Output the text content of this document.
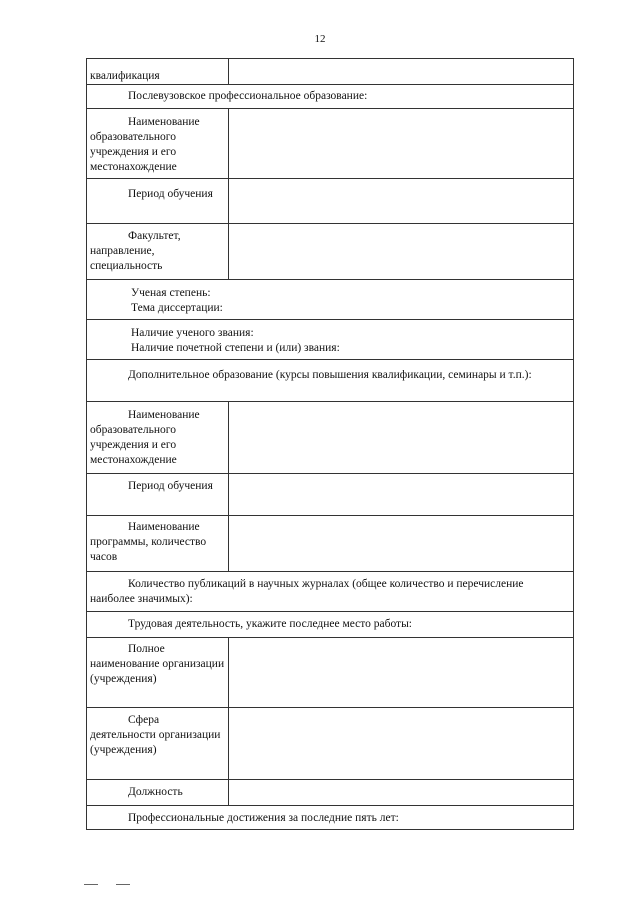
12
квалификация	
Послевузовское профессиональное образование:	

Наименование образовательного учреждения и его местонахождение	

Период обучения	

Факультет, направление, специальность	

Ученая степень:
Тема диссертации:	

Наличие ученого звания:
Наличие почетной степени и (или) звания:	

Дополнительное образование (курсы повышения квалификации, семинары и т.п.):	

Наименование образовательного учреждения и его местонахождение	

Период обучения	

Наименование программы, количество часов	

Количество публикаций в научных журналах (общее количество и перечисление наиболее значимых):	
Трудовая деятельность, укажите последнее место работы:	

Полное наименование организации (учреждения)	

Сфера деятельности организации (учреждения)	

Должность	

Профессиональные достижения за последние пять лет:	
